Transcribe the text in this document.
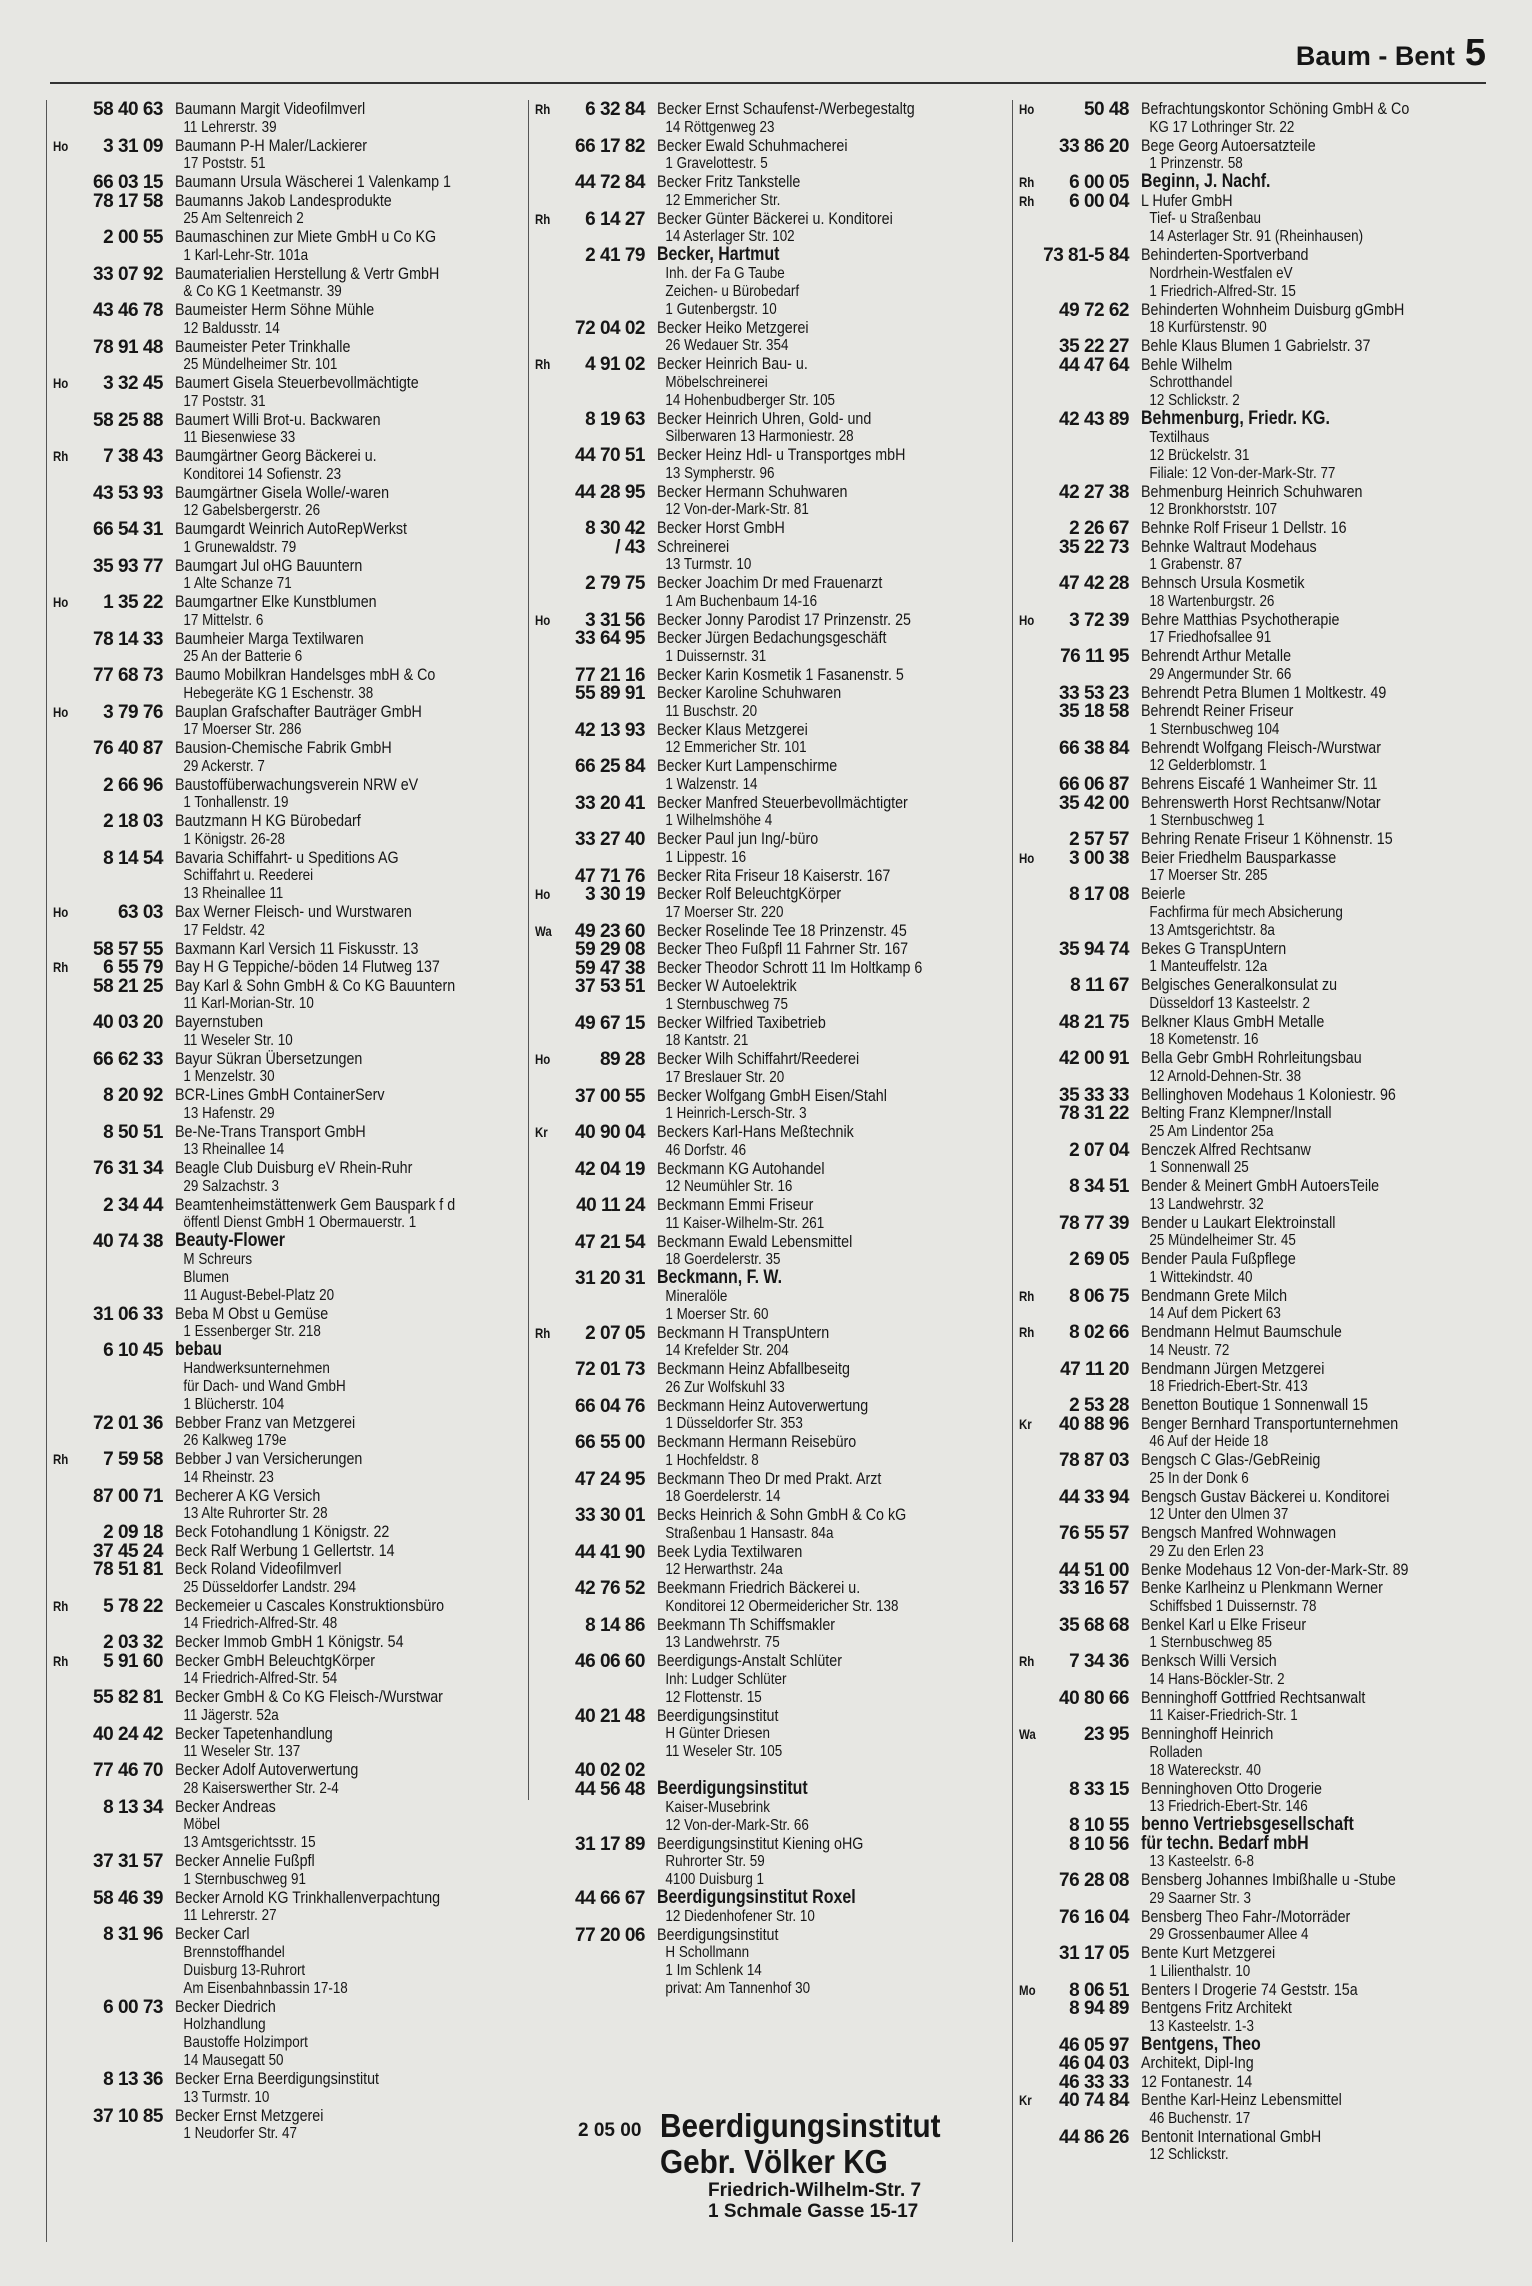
Baum - Bent 5
58 40 63 Baumann Margit Videofilmverl
11 Lehrerstr. 39
Ho	3 31 09 Baumann P-H Maler/Lackierer
17 Poststr. 51
66 03 15 Baumann Ursula Wäscherei 1 Valenkamp 1
78 17 58 Baumanns Jakob Landesprodukte
25 Am Seltenreich 2
2 00 55 Baumaschinen zur Miete GmbH u Co KG
1 Karl-Lehr-Str. 101a
33 07 92 Baumaterialien Herstellung & Vertr GmbH
& Co KG 1 Keetmanstr. 39
43 46 78 Baumeister Herm Söhne Mühle
12 Baldusstr. 14
78 91 48 Baumeister Peter Trinkhalle
25 Mündelheimer Str. 101
Ho	3 32 45 Baumert Gisela Steuerbevollmächtigte
17 Poststr. 31
58 25 88 Baumert Willi Brot-u. Backwaren
11 Biesenwiese 33
Rh	7 38 43 Baumgärtner Georg Bäckerei u.
Konditorei 14 Sofienstr. 23
43 53 93 Baumgärtner Gisela Wolle/-waren
12 Gabelsbergerstr. 26
66 54 31 Baumgardt Weinrich AutoRepWerkst
1 Grunewaldstr. 79
35 93 77 Baumgart Jul oHG Bauuntern
1 Alte Schanze 71
Ho	1 35 22 Baumgartner Elke Kunstblumen
17 Mittelstr. 6
78 14 33 Baumheier Marga Textilwaren
25 An der Batterie 6
77 68 73 Baumo Mobilkran Handelsges mbH & Co
Hebegeräte KG 1 Eschenstr. 38
Ho	3 79 76 Bauplan Grafschafter Bauträger GmbH
17 Moerser Str. 286
76 40 87 Bausion-Chemische Fabrik GmbH
29 Ackerstr. 7
2 66 96 Baustoffüberwachungsverein NRW eV
1 Tonhallenstr. 19
2 18 03 Bautzmann H KG Bürobedarf
1 Königstr. 26-28
8 14 54 Bavaria Schiffahrt- u Speditions AG
Schiffahrt u. Reederei
13 Rheinallee 11
Ho	63 03 Bax Werner Fleisch- und Wurstwaren
17 Feldstr. 42
58 57 55 Baxmann Karl Versich 11 Fiskusstr. 13
Rh	6 55 79 Bay H G Teppiche/-böden 14 Flutweg 137
58 21 25 Bay Karl & Sohn GmbH & Co KG Bauuntern
11 Karl-Morian-Str. 10
40 03 20 Bayernstuben
11 Weseler Str. 10
66 62 33 Bayur Sükran Übersetzungen
1 Menzelstr. 30
8 20 92 BCR-Lines GmbH ContainerServ
13 Hafenstr. 29
8 50 51 Be-Ne-Trans Transport GmbH
13 Rheinallee 14
76 31 34 Beagle Club Duisburg eV Rhein-Ruhr
29 Salzachstr. 3
2 34 44 Beamtenheimstättenwerk Gem Bauspark f d
öffentl Dienst GmbH 1 Obermauerstr. 1
40 74 38 Beauty-Flower
M Schreurs
Blumen
11 August-Bebel-Platz 20
31 06 33 Beba M Obst u Gemüse
1 Essenberger Str. 218
6 10 45 bebau
Handwerksunternehmen
für Dach- und Wand GmbH
1 Blücherstr. 104
72 01 36 Bebber Franz van Metzgerei
26 Kalkweg 179e
Rh	7 59 58 Bebber J van Versicherungen
14 Rheinstr. 23
87 00 71 Becherer A KG Versich
13 Alte Ruhrorter Str. 28
2 09 18 Beck Fotohandlung 1 Königstr. 22
37 45 24 Beck Ralf Werbung 1 Gellertstr. 14
78 51 81 Beck Roland Videofilmverl
25 Düsseldorfer Landstr. 294
Rh	5 78 22 Beckemeier u Cascales Konstruktionsbüro
14 Friedrich-Alfred-Str. 48
2 03 32 Becker Immob GmbH 1 Königstr. 54
Rh	5 91 60 Becker GmbH BeleuchtgKörper
14 Friedrich-Alfred-Str. 54
55 82 81 Becker GmbH & Co KG Fleisch-/Wurstwar
11 Jägerstr. 52a
40 24 42 Becker Tapetenhandlung
11 Weseler Str. 137
77 46 70 Becker Adolf Autoverwertung
28 Kaiserswerther Str. 2-4
8 13 34 Becker Andreas
Möbel
13 Amtsgerichtsstr. 15
37 31 57 Becker Annelie Fußpfl
1 Sternbuschweg 91
58 46 39 Becker Arnold KG Trinkhallenverpachtung
11 Lehrerstr. 27
8 31 96 Becker Carl
Brennstoffhandel
Duisburg 13-Ruhrort
Am Eisenbahnbassin 17-18
6 00 73 Becker Diedrich
Holzhandlung
Baustoffe Holzimport
14 Mausegatt 50
8 13 36 Becker Erna Beerdigungsinstitut
13 Turmstr. 10
37 10 85 Becker Ernst Metzgerei
1 Neudorfer Str. 47
Rh	6 32 84 Becker Ernst Schaufenst-/Werbegestaltg
14 Röttgenweg 23
66 17 82 Becker Ewald Schuhmacherei
1 Gravelottestr. 5
44 72 84 Becker Fritz Tankstelle
12 Emmericher Str.
Rh	6 14 27 Becker Günter Bäckerei u. Konditorei
14 Asterlager Str. 102
2 41 79 Becker, Hartmut
Inh. der Fa G Taube
Zeichen- u Bürobedarf
1 Gutenbergstr. 10
72 04 02 Becker Heiko Metzgerei
26 Wedauer Str. 354
Rh	4 91 02 Becker Heinrich Bau- u.
Möbelschreinerei
14 Hohenbudberger Str. 105
8 19 63 Becker Heinrich Uhren, Gold- und
Silberwaren 13 Harmoniestr. 28
44 70 51 Becker Heinz Hdl- u Transportges mbH
13 Sympherstr. 96
44 28 95 Becker Hermann Schuhwaren
12 Von-der-Mark-Str. 81
8 30 42 Becker Horst GmbH
/ 43 Schreinerei
13 Turmstr. 10
2 79 75 Becker Joachim Dr med Frauenarzt
1 Am Buchenbaum 14-16
Ho	3 31 56 Becker Jonny Parodist 17 Prinzenstr. 25
33 64 95 Becker Jürgen Bedachungsgeschäft
1 Duissernstr. 31
77 21 16 Becker Karin Kosmetik 1 Fasanenstr. 5
55 89 91 Becker Karoline Schuhwaren
11 Buschstr. 20
42 13 93 Becker Klaus Metzgerei
12 Emmericher Str. 101
66 25 84 Becker Kurt Lampenschirme
1 Walzenstr. 14
33 20 41 Becker Manfred Steuerbevollmächtigter
1 Wilhelmshöhe 4
33 27 40 Becker Paul jun Ing/-büro
1 Lippestr. 16
47 71 76 Becker Rita Friseur 18 Kaiserstr. 167
Ho	3 30 19 Becker Rolf BeleuchtgKörper
17 Moerser Str. 220
Wa	49 23 60 Becker Roselinde Tee 18 Prinzenstr. 45
59 29 08 Becker Theo Fußpfl 11 Fahrner Str. 167
59 47 38 Becker Theodor Schrott 11 Im Holtkamp 6
37 53 51 Becker W Autoelektrik
1 Sternbuschweg 75
49 67 15 Becker Wilfried Taxibetrieb
18 Kantstr. 21
Ho	89 28 Becker Wilh Schiffahrt/Reederei
17 Breslauer Str. 20
37 00 55 Becker Wolfgang GmbH Eisen/Stahl
1 Heinrich-Lersch-Str. 3
Kr	40 90 04 Beckers Karl-Hans Meßtechnik
46 Dorfstr. 46
42 04 19 Beckmann KG Autohandel
12 Neumühler Str. 16
40 11 24 Beckmann Emmi Friseur
11 Kaiser-Wilhelm-Str. 261
47 21 54 Beckmann Ewald Lebensmittel
18 Goerdelerstr. 35
31 20 31 Beckmann, F. W.
Mineralöle
1 Moerser Str. 60
Rh	2 07 05 Beckmann H TranspUntern
14 Krefelder Str. 204
72 01 73 Beckmann Heinz Abfallbeseitg
26 Zur Wolfskuhl 33
66 04 76 Beckmann Heinz Autoverwertung
1 Düsseldorfer Str. 353
66 55 00 Beckmann Hermann Reisebüro
1 Hochfeldstr. 8
47 24 95 Beckmann Theo Dr med Prakt. Arzt
18 Goerdelerstr. 14
33 30 01 Becks Heinrich & Sohn GmbH & Co kG
Straßenbau 1 Hansastr. 84a
44 41 90 Beek Lydia Textilwaren
12 Herwarthstr. 24a
42 76 52 Beekmann Friedrich Bäckerei u.
Konditorei 12 Obermeidericher Str. 138
8 14 86 Beekmann Th Schiffsmakler
13 Landwehrstr. 75
46 06 60 Beerdigungs-Anstalt Schlüter
Inh: Ludger Schlüter
12 Flottenstr. 15
40 21 48 Beerdigungsinstitut
H Günter Driesen
11 Weseler Str. 105
40 02 02
44 56 48 Beerdigungsinstitut
Kaiser-Musebrink
12 Von-der-Mark-Str. 66
31 17 89 Beerdigungsinstitut Kiening oHG
Ruhrorter Str. 59
4100 Duisburg 1
44 66 67 Beerdigungsinstitut Roxel
12 Diedenhofener Str. 10
77 20 06 Beerdigungsinstitut
H Schollmann
1 Im Schlenk 14
privat: Am Tannenhof 30
Ho	50 48 Befrachtungskontor Schöning GmbH & Co
KG 17 Lothringer Str. 22
33 86 20 Bege Georg Autoersatzteile
1 Prinzenstr. 58
Rh	6 00 05 Beginn, J. Nachf.
Rh	6 00 04 L Hufer GmbH
Tief- u Straßenbau
14 Asterlager Str. 91 (Rheinhausen)
73 81-5 84 Behinderten-Sportverband
Nordrhein-Westfalen eV
1 Friedrich-Alfred-Str. 15
49 72 62 Behinderten Wohnheim Duisburg gGmbH
18 Kurfürstenstr. 90
35 22 27 Behle Klaus Blumen 1 Gabrielstr. 37
44 47 64 Behle Wilhelm
Schrotthandel
12 Schlickstr. 2
42 43 89 Behmenburg, Friedr. KG.
Textilhaus
12 Brückelstr. 31
Filiale: 12 Von-der-Mark-Str. 77
42 27 38 Behmenburg Heinrich Schuhwaren
12 Bronkhorststr. 107
2 26 67 Behnke Rolf Friseur 1 Dellstr. 16
35 22 73 Behnke Waltraut Modehaus
1 Grabenstr. 87
47 42 28 Behnsch Ursula Kosmetik
18 Wartenburgstr. 26
Ho	3 72 39 Behre Matthias Psychotherapie
17 Friedhofsallee 91
76 11 95 Behrendt Arthur Metalle
29 Angermunder Str. 66
33 53 23 Behrendt Petra Blumen 1 Moltkestr. 49
35 18 58 Behrendt Reiner Friseur
1 Sternbuschweg 104
66 38 84 Behrendt Wolfgang Fleisch-/Wurstwar
12 Gelderblomstr. 1
66 06 87 Behrens Eiscafé 1 Wanheimer Str. 11
35 42 00 Behrenswerth Horst Rechtsanw/Notar
1 Sternbuschweg 1
2 57 57 Behring Renate Friseur 1 Köhnenstr. 15
Ho	3 00 38 Beier Friedhelm Bausparkasse
17 Moerser Str. 285
8 17 08 Beierle
Fachfirma für mech Absicherung
13 Amtsgerichtstr. 8a
35 94 74 Bekes G TranspUntern
1 Manteuffelstr. 12a
8 11 67 Belgisches Generalkonsulat zu
Düsseldorf 13 Kasteelstr. 2
48 21 75 Belkner Klaus GmbH Metalle
18 Kometenstr. 16
42 00 91 Bella Gebr GmbH Rohrleitungsbau
12 Arnold-Dehnen-Str. 38
35 33 33 Bellinghoven Modehaus 1 Koloniestr. 96
78 31 22 Belting Franz Klempner/Install
25 Am Lindentor 25a
2 07 04 Benczek Alfred Rechtsanw
1 Sonnenwall 25
8 34 51 Bender & Meinert GmbH AutoersTeile
13 Landwehrstr. 32
78 77 39 Bender u Laukart Elektroinstall
25 Mündelheimer Str. 45
2 69 05 Bender Paula Fußpflege
1 Wittekindstr. 40
Rh	8 06 75 Bendmann Grete Milch
14 Auf dem Pickert 63
Rh	8 02 66 Bendmann Helmut Baumschule
14 Neustr. 72
47 11 20 Bendmann Jürgen Metzgerei
18 Friedrich-Ebert-Str. 413
2 53 28 Benetton Boutique 1 Sonnenwall 15
Kr	40 88 96 Benger Bernhard Transportunternehmen
46 Auf der Heide 18
78 87 03 Bengsch C Glas-/GebReinig
25 In der Donk 6
44 33 94 Bengsch Gustav Bäckerei u. Konditorei
12 Unter den Ulmen 37
76 55 57 Bengsch Manfred Wohnwagen
29 Zu den Erlen 23
44 51 00 Benke Modehaus 12 Von-der-Mark-Str. 89
33 16 57 Benke Karlheinz u Plenkmann Werner
Schiffsbed 1 Duissernstr. 78
35 68 68 Benkel Karl u Elke Friseur
1 Sternbuschweg 85
Rh	7 34 36 Benksch Willi Versich
14 Hans-Böckler-Str. 2
40 80 66 Benninghoff Gottfried Rechtsanwalt
11 Kaiser-Friedrich-Str. 1
Wa	23 95 Benninghoff Heinrich
Rolladen
18 Watereckstr. 40
8 33 15 Benninghoven Otto Drogerie
13 Friedrich-Ebert-Str. 146
8 10 55 benno Vertriebsgesellschaft
8 10 56 für techn. Bedarf mbH
13 Kasteelstr. 6-8
76 28 08 Bensberg Johannes Imbißhalle u -Stube
29 Saarner Str. 3
76 16 04 Bensberg Theo Fahr-/Motorräder
29 Grossenbaumer Allee 4
31 17 05 Bente Kurt Metzgerei
1 Lilienthalstr. 10
Mo	8 06 51 Benters I Drogerie 74 Geststr. 15a
8 94 89 Bentgens Fritz Architekt
13 Kasteelstr. 1-3
46 05 97 Bentgens, Theo
46 04 03 Architekt, Dipl-Ing
46 33 33 12 Fontanestr. 14
Kr	40 74 84 Benthe Karl-Heinz Lebensmittel
46 Buchenstr. 17
44 86 26 Bentonit International GmbH
12 Schlickstr.
2 05 00 Beerdigungsinstitut
Gebr. Völker KG
Friedrich-Wilhelm-Str. 7
1 Schmale Gasse 15-17
